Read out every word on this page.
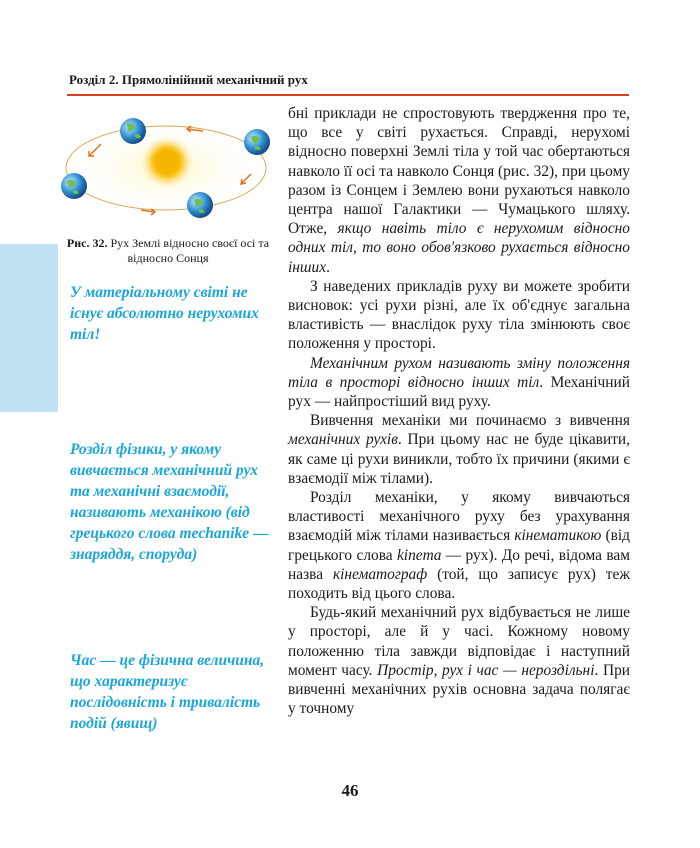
Розділ 2. Прямолінійний механічний рух
Рис. 32. Рух Землі відносно своєї осі та відносно Сонця

У матеріальному світі не існує абсолютно нерухомих тіл!

Розділ фізики, у якому вивчається механічний рух та механічні взаємодії, називають механікою (від грецького слова mechanike — знаряддя, споруда)

Час — це фізична величина, що характеризує послідовність і тривалість подій (явищ)

бні приклади не спростовують твердження про те, що все у світі рухається. Справді, нерухомі відносно поверхні Землі тіла у той час обертаються навколо її осі та навколо Сонця (рис. 32), при цьому разом із Сонцем і Землею вони рухаються навколо центра нашої Галактики — Чумацького шляху. Отже, якщо навіть тіло є нерухомим відносно одних тіл, то воно обов'язково рухається відносно інших.

З наведених прикладів руху ви можете зробити висновок: усі рухи різні, але їх об'єднує загальна властивість — внаслідок руху тіла змінюють своє положення у просторі.

Механічним рухом називають зміну положення тіла в просторі відносно інших тіл. Механічний рух — найпростіший вид руху.

Вивчення механіки ми починаємо з вивчення механічних рухів. При цьому нас не буде цікавити, як саме ці рухи виникли, тобто їх причини (якими є взаємодії між тілами).

Розділ механіки, у якому вивчаються властивості механічного руху без урахування взаємодій між тілами називається кінематикою (від грецького слова kinema — рух). До речі, відома вам назва кінематограф (той, що записує рух) теж походить від цього слова.

Будь-який механічний рух відбувається не лише у просторі, але й у часі. Кожному новому положенню тіла завжди відповідає і наступний момент часу. Простір, рух і час — нероздільні. При вивченні механічних рухів основна задача полягає у точному

46
